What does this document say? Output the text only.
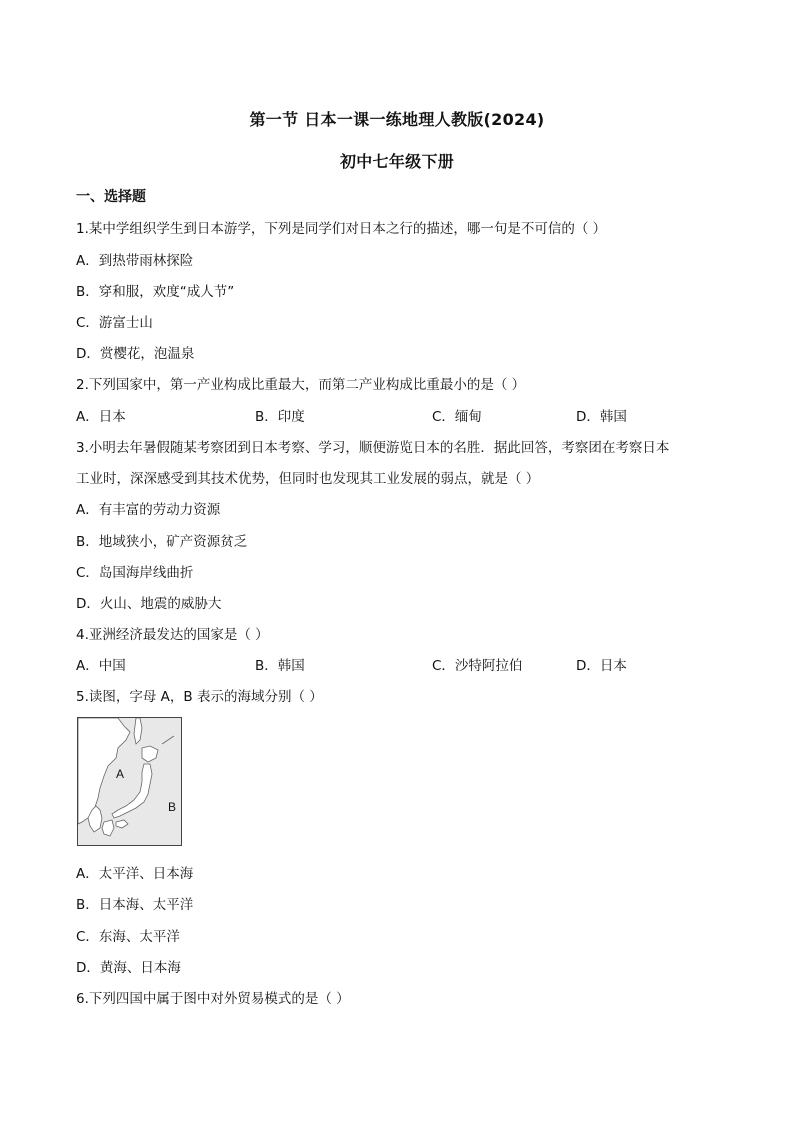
第一节 日本一课一练地理人教版(2024)
初中七年级下册
一、选择题
1.某中学组织学生到日本游学，下列是同学们对日本之行的描述，哪一句是不可信的（ ）
A．到热带雨林探险
B．穿和服，欢度“成人节”
C．游富士山
D．赏樱花，泡温泉
2.下列国家中，第一产业构成比重最大，而第二产业构成比重最小的是（ ）
A．日本	B．印度	C．缅甸	D．韩国
3.小明去年暑假随某考察团到日本考察、学习，顺便游览日本的名胜．据此回答，考察团在考察日本
工业时，深深感受到其技术优势，但同时也发现其工业发展的弱点，就是（ ）
A．有丰富的劳动力资源
B．地域狭小，矿产资源贫乏
C．岛国海岸线曲折
D．火山、地震的威胁大
4.亚洲经济最发达的国家是（ ）
A．中国	B．韩国	C．沙特阿拉伯	D．日本
5.读图，字母 A，B 表示的海域分别（ ）
A
B
A．太平洋、日本海
B．日本海、太平洋
C．东海、太平洋
D．黄海、日本海
6.下列四国中属于图中对外贸易模式的是（ ）
